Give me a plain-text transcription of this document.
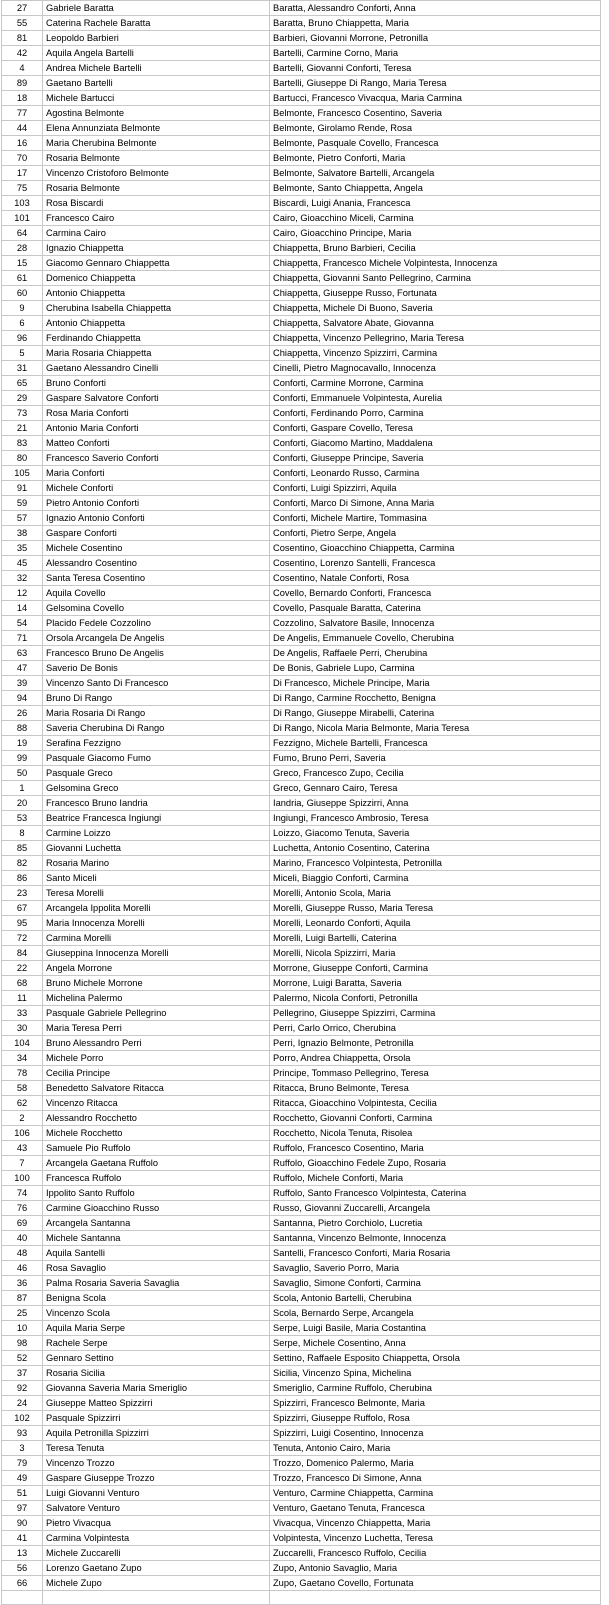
27	Gabriele Baratta	Baratta, Alessandro Conforti, Anna
55	Caterina Rachele Baratta	Baratta, Bruno Chiappetta, Maria
81	Leopoldo Barbieri	Barbieri, Giovanni Morrone, Petronilla
42	Aquila Angela Bartelli	Bartelli, Carmine Corno, Maria
4	Andrea Michele Bartelli	Bartelli, Giovanni Conforti, Teresa
89	Gaetano Bartelli	Bartelli, Giuseppe Di Rango, Maria Teresa
18	Michele Bartucci	Bartucci, Francesco Vivacqua, Maria Carmina
77	Agostina Belmonte	Belmonte, Francesco Cosentino, Saveria
44	Elena Annunziata Belmonte	Belmonte, Girolamo Rende, Rosa
16	Maria Cherubina Belmonte	Belmonte, Pasquale Covello, Francesca
70	Rosaria Belmonte	Belmonte, Pietro Conforti, Maria
17	Vincenzo Cristoforo Belmonte	Belmonte, Salvatore Bartelli, Arcangela
75	Rosaria Belmonte	Belmonte, Santo Chiappetta, Angela
103	Rosa Biscardi	Biscardi, Luigi Anania, Francesca
101	Francesco Cairo	Cairo, Gioacchino Miceli, Carmina
64	Carmina Cairo	Cairo, Gioacchino Principe, Maria
28	Ignazio Chiappetta	Chiappetta, Bruno Barbieri, Cecilia
15	Giacomo Gennaro Chiappetta	Chiappetta, Francesco Michele Volpintesta, Innocenza
61	Domenico Chiappetta	Chiappetta, Giovanni Santo Pellegrino, Carmina
60	Antonio Chiappetta	Chiappetta, Giuseppe Russo, Fortunata
9	Cherubina Isabella Chiappetta	Chiappetta, Michele Di Buono, Saveria
6	Antonio Chiappetta	Chiappetta, Salvatore Abate, Giovanna
96	Ferdinando Chiappetta	Chiappetta, Vincenzo Pellegrino, Maria Teresa
5	Maria Rosaria Chiappetta	Chiappetta, Vincenzo Spizzirri, Carmina
31	Gaetano Alessandro Cinelli	Cinelli, Pietro Magnocavallo, Innocenza
65	Bruno Conforti	Conforti, Carmine Morrone, Carmina
29	Gaspare Salvatore Conforti	Conforti, Emmanuele Volpintesta, Aurelia
73	Rosa Maria Conforti	Conforti, Ferdinando Porro, Carmina
21	Antonio Maria Conforti	Conforti, Gaspare Covello, Teresa
83	Matteo Conforti	Conforti, Giacomo Martino, Maddalena
80	Francesco Saverio Conforti	Conforti, Giuseppe Principe, Saveria
105	Maria Conforti	Conforti, Leonardo Russo, Carmina
91	Michele Conforti	Conforti, Luigi Spizzirri, Aquila
59	Pietro Antonio Conforti	Conforti, Marco Di Simone, Anna Maria
57	Ignazio Antonio Conforti	Conforti, Michele Martire, Tommasina
38	Gaspare Conforti	Conforti, Pietro Serpe, Angela
35	Michele Cosentino	Cosentino, Gioacchino Chiappetta, Carmina
45	Alessandro Cosentino	Cosentino, Lorenzo Santelli, Francesca
32	Santa Teresa Cosentino	Cosentino, Natale Conforti, Rosa
12	Aquila Covello	Covello, Bernardo Conforti, Francesca
14	Gelsomina Covello	Covello, Pasquale Baratta, Caterina
54	Placido Fedele Cozzolino	Cozzolino, Salvatore Basile, Innocenza
71	Orsola Arcangela De Angelis	De Angelis, Emmanuele Covello, Cherubina
63	Francesco Bruno De Angelis	De Angelis, Raffaele Perri, Cherubina
47	Saverio De Bonis	De Bonis, Gabriele Lupo, Carmina
39	Vincenzo Santo Di Francesco	Di Francesco, Michele Principe, Maria
94	Bruno Di Rango	Di Rango, Carmine Rocchetto, Benigna
26	Maria Rosaria Di Rango	Di Rango, Giuseppe Mirabelli, Caterina
88	Saveria Cherubina Di Rango	Di Rango, Nicola Maria Belmonte, Maria Teresa
19	Serafina Fezzigno	Fezzigno, Michele Bartelli, Francesca
99	Pasquale Giacomo Fumo	Fumo, Bruno Perri, Saveria
50	Pasquale Greco	Greco, Francesco Zupo, Cecilia
1	Gelsomina Greco	Greco, Gennaro Cairo, Teresa
20	Francesco Bruno Iandria	Iandria, Giuseppe Spizzirri, Anna
53	Beatrice Francesca Ingiungi	Ingiungi, Francesco Ambrosio, Teresa
8	Carmine Loizzo	Loizzo, Giacomo Tenuta, Saveria
85	Giovanni Luchetta	Luchetta, Antonio Cosentino, Caterina
82	Rosaria Marino	Marino, Francesco Volpintesta, Petronilla
86	Santo Miceli	Miceli, Biaggio Conforti, Carmina
23	Teresa Morelli	Morelli, Antonio Scola, Maria
67	Arcangela Ippolita Morelli	Morelli, Giuseppe Russo, Maria Teresa
95	Maria Innocenza Morelli	Morelli, Leonardo Conforti, Aquila
72	Carmina Morelli	Morelli, Luigi Bartelli, Caterina
84	Giuseppina Innocenza Morelli	Morelli, Nicola Spizzirri, Maria
22	Angela Morrone	Morrone, Giuseppe Conforti, Carmina
68	Bruno Michele Morrone	Morrone, Luigi Baratta, Saveria
11	Michelina Palermo	Palermo, Nicola Conforti, Petronilla
33	Pasquale Gabriele Pellegrino	Pellegrino, Giuseppe Spizzirri, Carmina
30	Maria Teresa Perri	Perri, Carlo Orrico, Cherubina
104	Bruno Alessandro Perri	Perri, Ignazio Belmonte, Petronilla
34	Michele Porro	Porro, Andrea Chiappetta, Orsola
78	Cecilia Principe	Principe, Tommaso Pellegrino, Teresa
58	Benedetto Salvatore Ritacca	Ritacca, Bruno Belmonte, Teresa
62	Vincenzo Ritacca	Ritacca, Gioacchino Volpintesta, Cecilia
2	Alessandro Rocchetto	Rocchetto, Giovanni Conforti, Carmina
106	Michele Rocchetto	Rocchetto, Nicola Tenuta, Risolea
43	Samuele Pio Ruffolo	Ruffolo, Francesco Cosentino, Maria
7	Arcangela Gaetana Ruffolo	Ruffolo, Gioacchino Fedele Zupo, Rosaria
100	Francesca Ruffolo	Ruffolo, Michele Conforti, Maria
74	Ippolito Santo Ruffolo	Ruffolo, Santo Francesco Volpintesta, Caterina
76	Carmine Gioacchino Russo	Russo, Giovanni Zuccarelli, Arcangela
69	Arcangela Santanna	Santanna, Pietro Corchiolo, Lucretia
40	Michele Santanna	Santanna, Vincenzo Belmonte, Innocenza
48	Aquila Santelli	Santelli, Francesco Conforti, Maria Rosaria
46	Rosa Savaglio	Savaglio, Saverio Porro, Maria
36	Palma Rosaria Saveria Savaglia	Savaglio, Simone Conforti, Carmina
87	Benigna Scola	Scola, Antonio Bartelli, Cherubina
25	Vincenzo Scola	Scola, Bernardo Serpe, Arcangela
10	Aquila Maria Serpe	Serpe, Luigi Basile, Maria Costantina
98	Rachele Serpe	Serpe, Michele Cosentino, Anna
52	Gennaro Settino	Settino, Raffaele Esposito Chiappetta, Orsola
37	Rosaria Sicilia	Sicilia, Vincenzo Spina, Michelina
92	Giovanna Saveria Maria Smeriglio	Smeriglio, Carmine Ruffolo, Cherubina
24	Giuseppe Matteo Spizzirri	Spizzirri, Francesco Belmonte, Maria
102	Pasquale Spizzirri	Spizzirri, Giuseppe Ruffolo, Rosa
93	Aquila Petronilla Spizzirri	Spizzirri, Luigi Cosentino, Innocenza
3	Teresa Tenuta	Tenuta, Antonio Cairo, Maria
79	Vincenzo Trozzo	Trozzo, Domenico Palermo, Maria
49	Gaspare Giuseppe Trozzo	Trozzo, Francesco Di Simone, Anna
51	Luigi Giovanni Venturo	Venturo, Carmine Chiappetta, Carmina
97	Salvatore Venturo	Venturo, Gaetano Tenuta, Francesca
90	Pietro Vivacqua	Vivacqua, Vincenzo Chiappetta, Maria
41	Carmina Volpintesta	Volpintesta, Vincenzo Luchetta, Teresa
13	Michele Zuccarelli	Zuccarelli, Francesco Ruffolo, Cecilia
56	Lorenzo Gaetano Zupo	Zupo, Antonio Savaglio, Maria
66	Michele Zupo	Zupo, Gaetano Covello, Fortunata
